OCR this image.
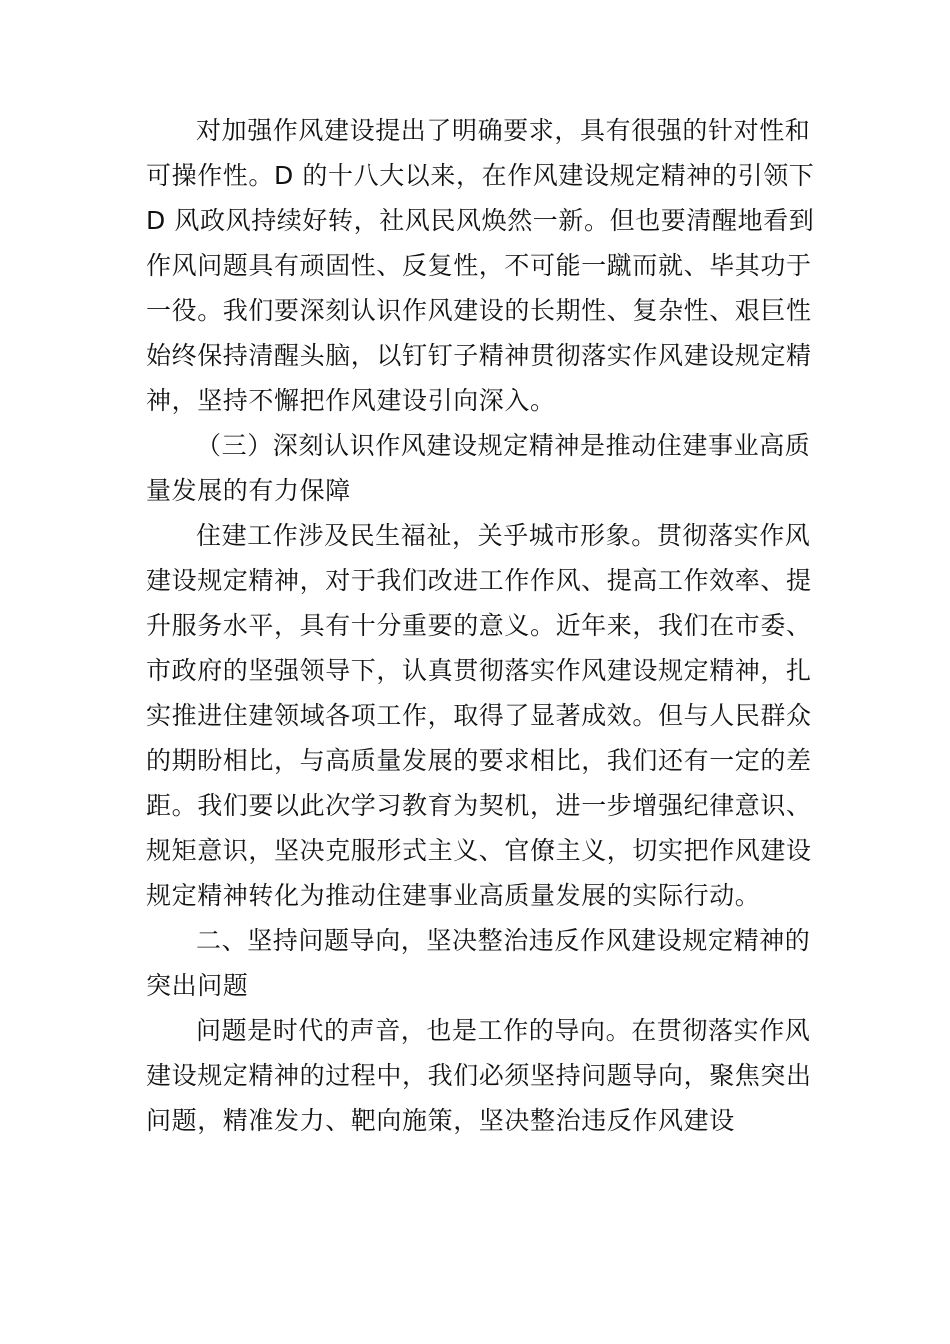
对加强作风建设提出了明确要求，具有很强的针对性和
可操作性。D 的十八大以来，在作风建设规定精神的引领下
D 风政风持续好转，社风民风焕然一新。但也要清醒地看到
作风问题具有顽固性、反复性，不可能一蹴而就、毕其功于
一役。我们要深刻认识作风建设的长期性、复杂性、艰巨性
始终保持清醒头脑，以钉钉子精神贯彻落实作风建设规定精
神，坚持不懈把作风建设引向深入。
（三）深刻认识作风建设规定精神是推动住建事业高质
量发展的有力保障
住建工作涉及民生福祉，关乎城市形象。贯彻落实作风
建设规定精神，对于我们改进工作作风、提高工作效率、提
升服务水平，具有十分重要的意义。近年来，我们在市委、
市政府的坚强领导下，认真贯彻落实作风建设规定精神，扎
实推进住建领域各项工作，取得了显著成效。但与人民群众
的期盼相比，与高质量发展的要求相比，我们还有一定的差
距。我们要以此次学习教育为契机，进一步增强纪律意识、
规矩意识，坚决克服形式主义、官僚主义，切实把作风建设
规定精神转化为推动住建事业高质量发展的实际行动。
二、坚持问题导向，坚决整治违反作风建设规定精神的
突出问题
问题是时代的声音，也是工作的导向。在贯彻落实作风
建设规定精神的过程中，我们必须坚持问题导向，聚焦突出
问题，精准发力、靶向施策，坚决整治违反作风建设
